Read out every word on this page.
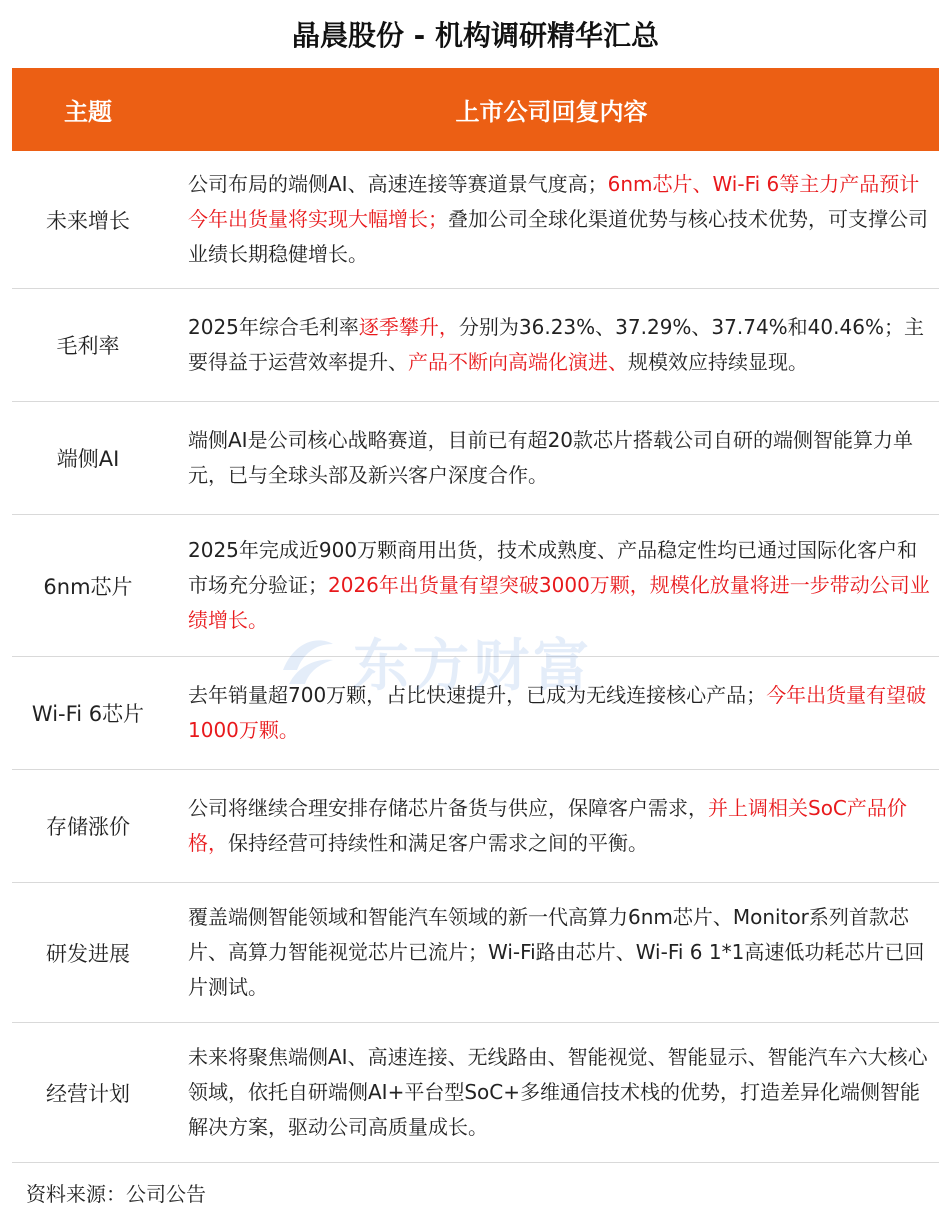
晶晨股份 - 机构调研精华汇总
主题	上市公司回复内容
未来增长
公司布局的端侧AI、高速连接等赛道景气度高；6nm芯片、Wi-Fi 6等主力产品预计今年出货量将实现大幅增长；叠加公司全球化渠道优势与核心技术优势，可支撑公司业绩长期稳健增长。
毛利率
2025年综合毛利率逐季攀升，分别为36.23%、37.29%、37.74%和40.46%；主要得益于运营效率提升、产品不断向高端化演进、规模效应持续显现。
端侧AI
端侧AI是公司核心战略赛道，目前已有超20款芯片搭载公司自研的端侧智能算力单元，已与全球头部及新兴客户深度合作。
6nm芯片
2025年完成近900万颗商用出货，技术成熟度、产品稳定性均已通过国际化客户和市场充分验证；2026年出货量有望突破3000万颗，规模化放量将进一步带动公司业绩增长。
Wi-Fi 6芯片
去年销量超700万颗，占比快速提升，已成为无线连接核心产品；今年出货量有望破1000万颗。
存储涨价
公司将继续合理安排存储芯片备货与供应，保障客户需求，并上调相关SoC产品价格，保持经营可持续性和满足客户需求之间的平衡。
研发进展
覆盖端侧智能领域和智能汽车领域的新一代高算力6nm芯片、Monitor系列首款芯片、高算力智能视觉芯片已流片；Wi-Fi路由芯片、Wi-Fi 6 1*1高速低功耗芯片已回片测试。
经营计划
未来将聚焦端侧AI、高速连接、无线路由、智能视觉、智能显示、智能汽车六大核心领域，依托自研端侧AI+平台型SoC+多维通信技术栈的优势，打造差异化端侧智能解决方案，驱动公司高质量成长。
东方财富
资料来源：公司公告
